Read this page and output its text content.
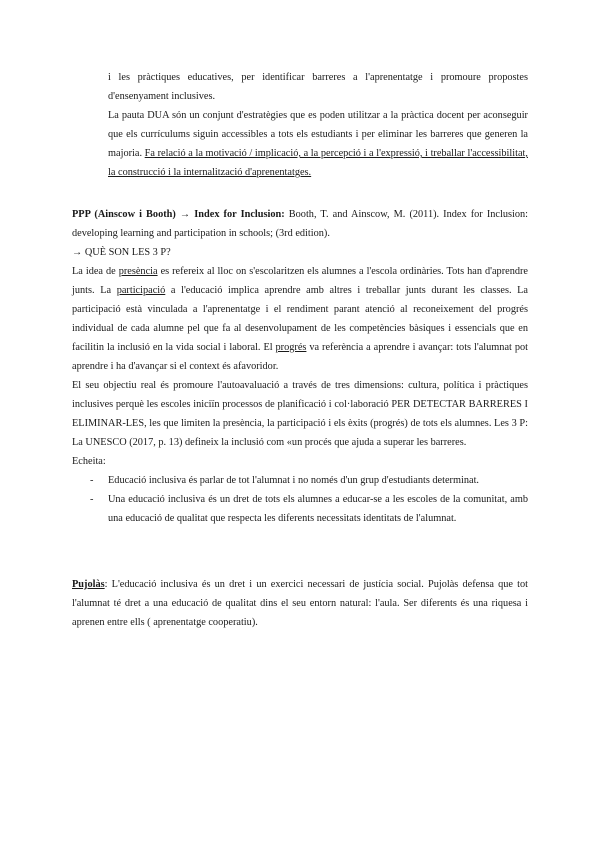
i les pràctiques educatives, per identificar barreres a l'aprenentatge i promoure propostes d'ensenyament inclusives.

La pauta DUA són un conjunt d'estratègies que es poden utilitzar a la pràctica docent per aconseguir que els currículums siguin accessibles a tots els estudiants i per eliminar les barreres que generen la majoria. Fa relació a la motivació / implicació, a la percepció i a l'expressió, i treballar l'accessibilitat, la construcció i la internalització d'aprenentatges.

PPP (Ainscow i Booth) → Index for Inclusion: Booth, T. and Ainscow, M. (2011). Index for Inclusion: developing learning and participation in schools; (3rd edition).

→ QUÈ SON LES 3 P?

La idea de presència es refereix al lloc on s'escolaritzen els alumnes a l'escola ordinàries. Tots han d'aprendre junts. La participació a l'educació implica aprendre amb altres i treballar junts durant les classes. La participació està vinculada a l'aprenentatge i el rendiment parant atenció al reconeixement del progrés individual de cada alumne pel que fa al desenvolupament de les competències bàsiques i essencials que en facilitin la inclusió en la vida social i laboral. El progrés va referència a aprendre i avançar: tots l'alumnat pot aprendre i ha d'avançar si el context és afavoridor.

El seu objectiu real és promoure l'autoavaluació a través de tres dimensions: cultura, política i pràctiques inclusives perquè les escoles iniciïn processos de planificació i col·laboració PER DETECTAR BARRERES I ELIMINAR-LES, les que limiten la presència, la participació i els èxits (progrés) de tots els alumnes. Les 3 P: La UNESCO (2017, p. 13) defineix la inclusió com «un procés que ajuda a superar les barreres.

Echeita:

- Educació inclusiva és parlar de tot l'alumnat i no només d'un grup d'estudiants determinat.
- Una educació inclusiva és un dret de tots els alumnes a educar-se a les escoles de la comunitat, amb una educació de qualitat que respecta les diferents necessitats identitats de l'alumnat.

Pujolàs: L'educació inclusiva és un dret i un exercici necessari de justícia social. Pujolàs defensa que tot l'alumnat té dret a una educació de qualitat dins el seu entorn natural: l'aula. Ser diferents és una riquesa i aprenen entre ells ( aprenentatge cooperatiu).
